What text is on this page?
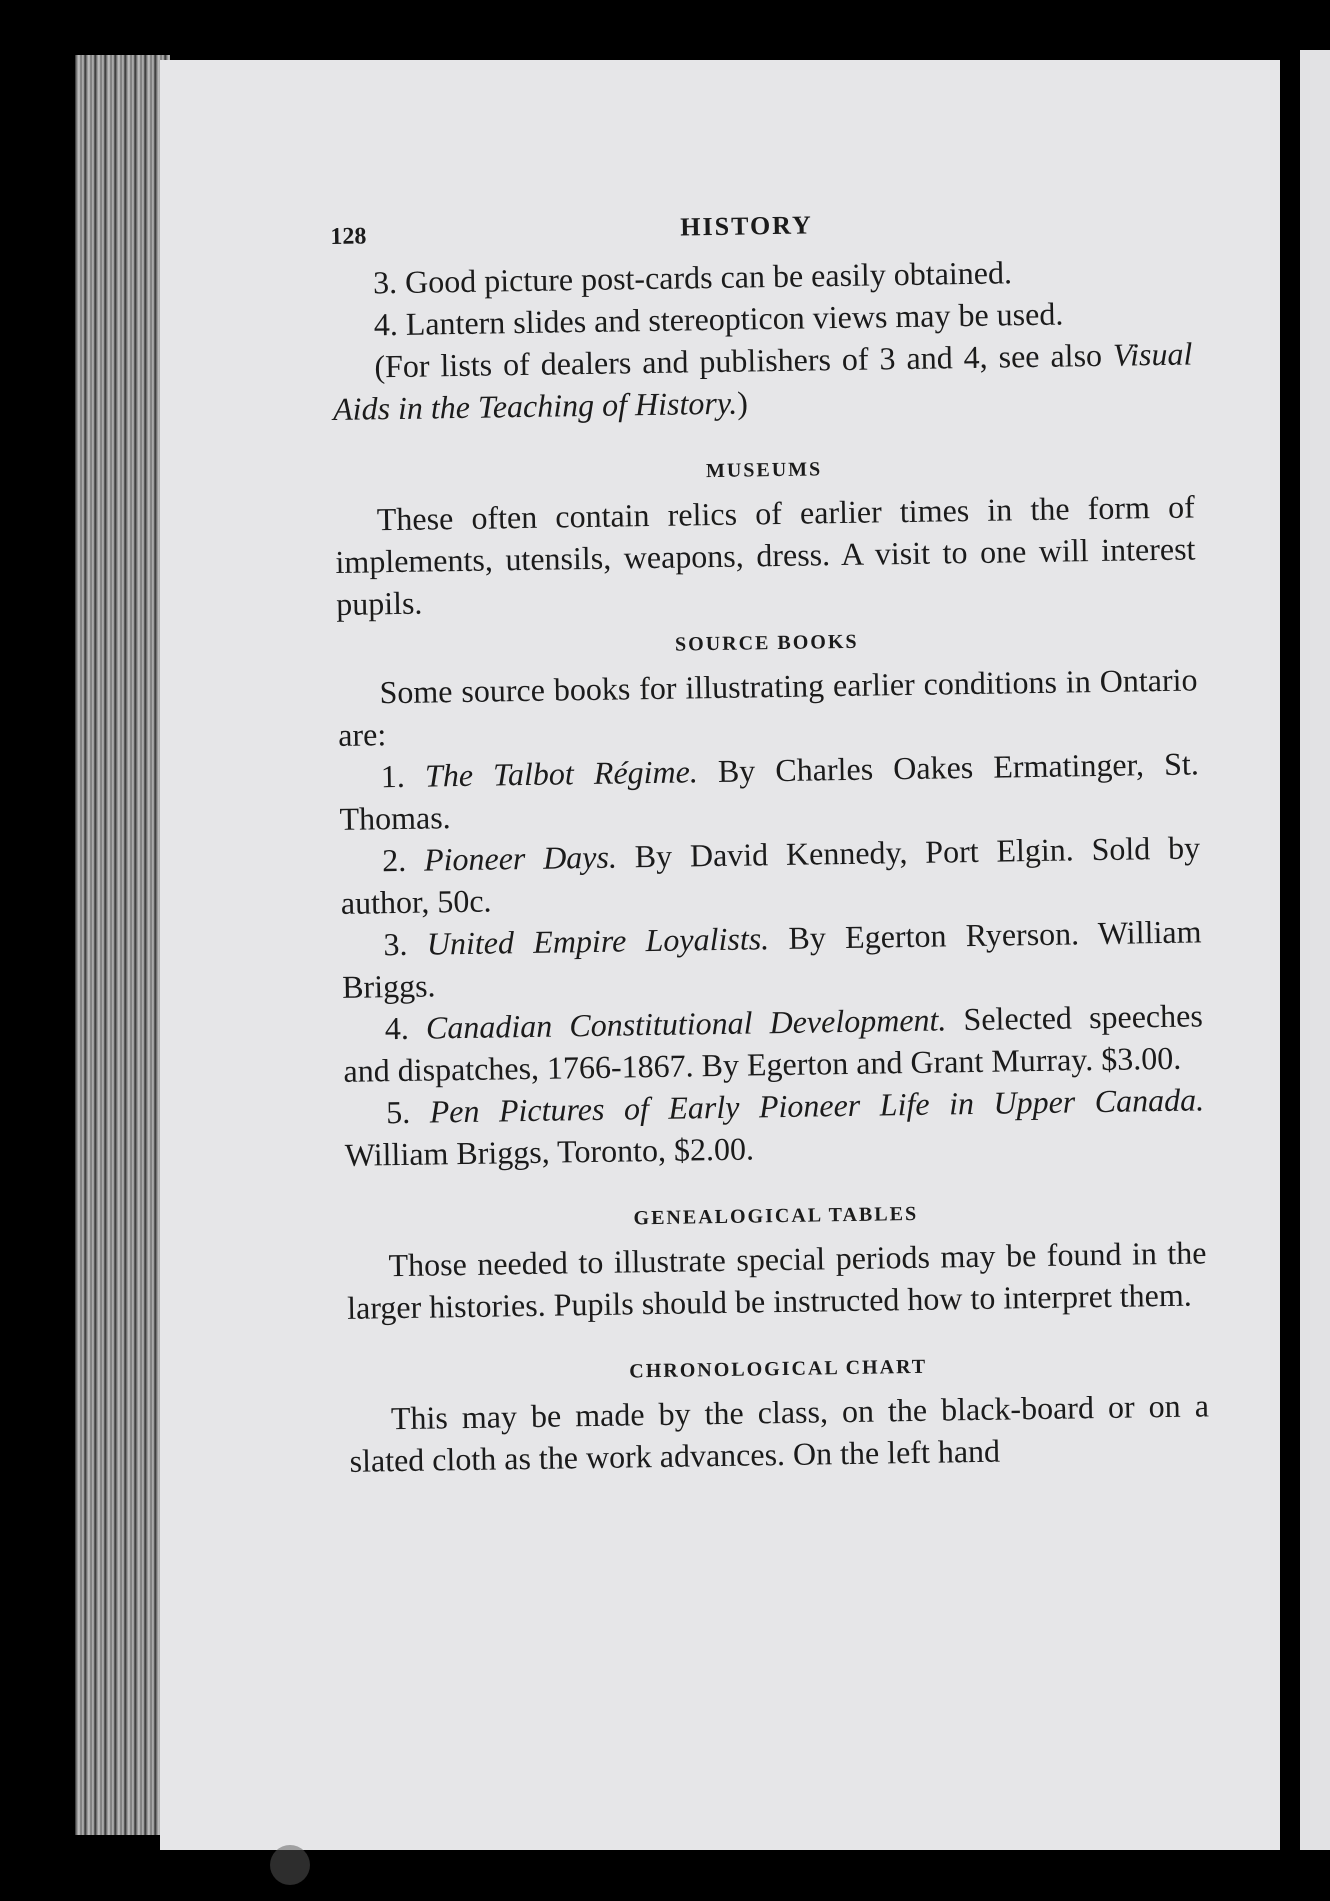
128	HISTORY

3. Good picture post-cards can be easily obtained.

4. Lantern slides and stereopticon views may be used.

(For lists of dealers and publishers of 3 and 4, see also Visual Aids in the Teaching of History.)

MUSEUMS

These often contain relics of earlier times in the form of implements, utensils, weapons, dress. A visit to one will interest pupils.

SOURCE BOOKS

Some source books for illustrating earlier conditions in Ontario are:

1. The Talbot Régime. By Charles Oakes Ermatinger, St. Thomas.

2. Pioneer Days. By David Kennedy, Port Elgin. Sold by author, 50c.

3. United Empire Loyalists. By Egerton Ryerson. William Briggs.

4. Canadian Constitutional Development. Selected speeches and dispatches, 1766-1867. By Egerton and Grant Murray. $3.00.

5. Pen Pictures of Early Pioneer Life in Upper Canada. William Briggs, Toronto, $2.00.

GENEALOGICAL TABLES

Those needed to illustrate special periods may be found in the larger histories. Pupils should be instructed how to interpret them.

CHRONOLOGICAL CHART

This may be made by the class, on the black-board or on a slated cloth as the work advances. On the left hand
